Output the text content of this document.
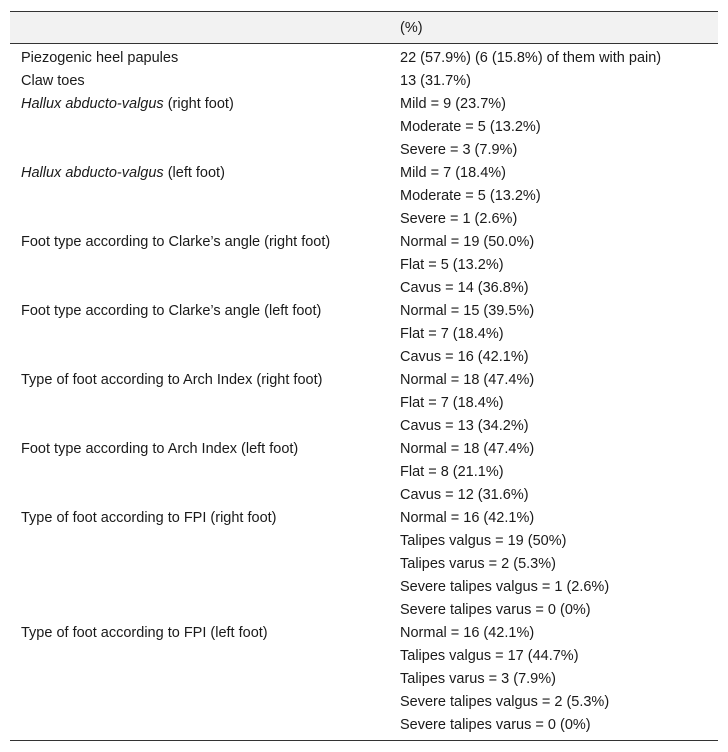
	(%)
Piezogenic heel papules	22 (57.9%) (6 (15.8%) of them with pain)
Claw toes	13 (31.7%)
Hallux abducto-valgus (right foot)	Mild = 9 (23.7%)
	Moderate = 5 (13.2%)
	Severe = 3 (7.9%)
Hallux abducto-valgus (left foot)	Mild = 7 (18.4%)
	Moderate = 5 (13.2%)
	Severe = 1 (2.6%)
Foot type according to Clarke’s angle (right foot)	Normal = 19 (50.0%)
	Flat = 5 (13.2%)
	Cavus = 14 (36.8%)
Foot type according to Clarke’s angle (left foot)	Normal = 15 (39.5%)
	Flat = 7 (18.4%)
	Cavus = 16 (42.1%)
Type of foot according to Arch Index (right foot)	Normal = 18 (47.4%)
	Flat = 7 (18.4%)
	Cavus = 13 (34.2%)
Foot type according to Arch Index (left foot)	Normal = 18 (47.4%)
	Flat = 8 (21.1%)
	Cavus = 12 (31.6%)
Type of foot according to FPI (right foot)	Normal = 16 (42.1%)
	Talipes valgus = 19 (50%)
	Talipes varus = 2 (5.3%)
	Severe talipes valgus = 1 (2.6%)
	Severe talipes varus = 0 (0%)
Type of foot according to FPI (left foot)	Normal = 16 (42.1%)
	Talipes valgus = 17 (44.7%)
	Talipes varus = 3 (7.9%)
	Severe talipes valgus = 2 (5.3%)
	Severe talipes varus = 0 (0%)
